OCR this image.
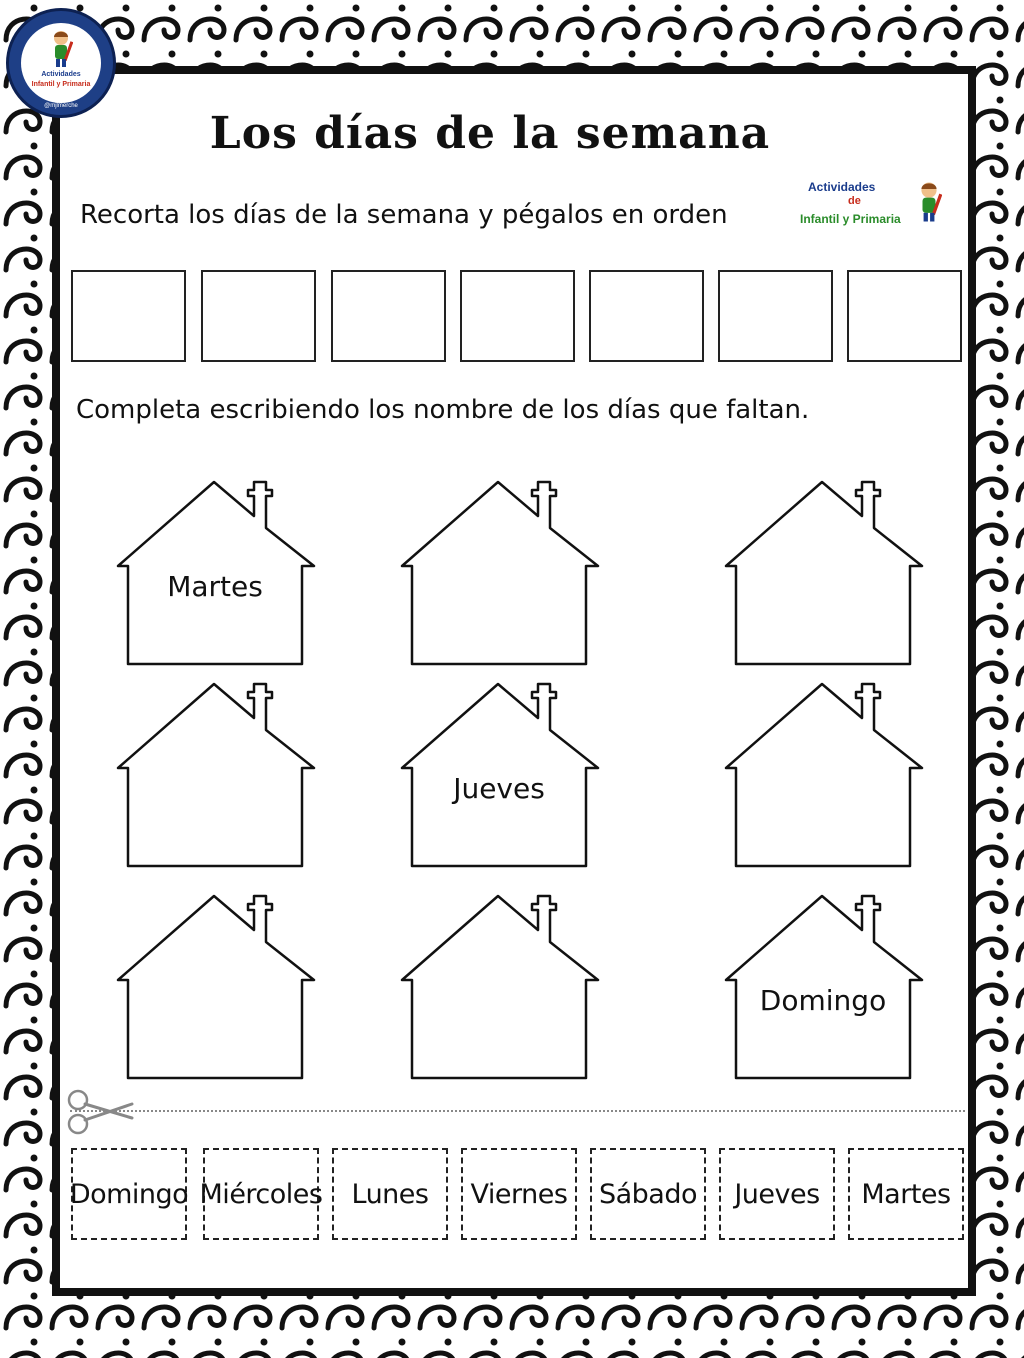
Actividades
Infantil y Primaria
@mjlmerche
Los días de la semana
Recorta los días de la semana y pégalos en orden
Actividades
de
Infantil y Primaria
Completa escribiendo los nombre de los días que faltan.
Martes
Jueves
Domingo
Domingo Miércoles	Lunes	Viernes	Sábado	Jueves	Martes
